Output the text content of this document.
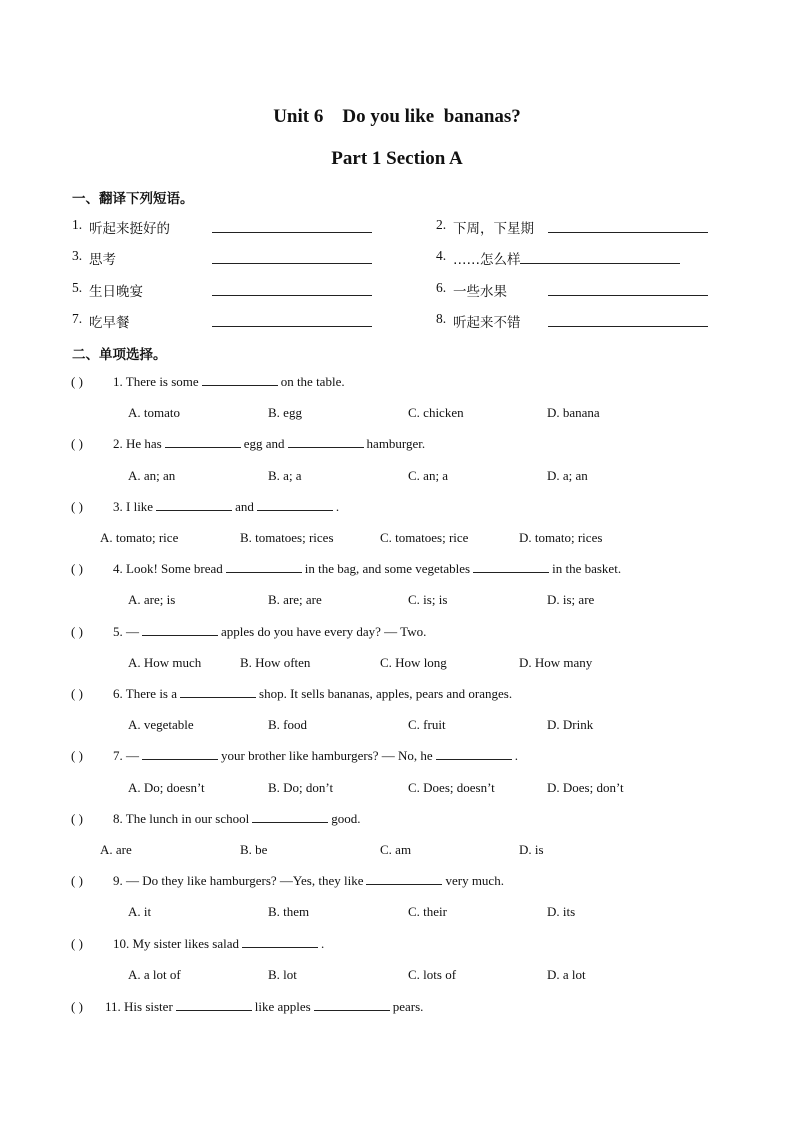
Unit 6    Do you like  bananas?
Part 1 Section A
一、翻译下列短语。
1. 听起来挺好的	2. 下周，下星期
3. 思考	4. ……怎么样
5. 生日晚宴	6. 一些水果
7. 吃早餐	8. 听起来不错
二、单项选择。
( ) 1. There is some	on the table.
A. tomato	B. egg	C. chicken	D. banana
( ) 2. He has	egg and	hamburger.
A. an; an	B. a; a	C. an; a	D. a; an
( ) 3. I like	and	.
A. tomato; rice	B. tomatoes; rices	C. tomatoes; rice	D. tomato; rices
( ) 4. Look! Some bread	in the bag, and some vegetables	in the basket.
A. are; is	B. are; are	C. is; is	D. is; are
( ) 5. —	apples do you have every day? — Two.
A. How much	B. How often	C. How long	D. How many
( ) 6. There is a	shop. It sells bananas, apples, pears and oranges.
A. vegetable	B. food	C. fruit	D. Drink
( ) 7. —	your brother like hamburgers? — No, he	.
A. Do; doesn’t	B. Do; don’t	C. Does; doesn’t	D. Does; don’t
( ) 8. The lunch in our school	good.
A. are	B. be	C. am	D. is
( ) 9. — Do they like hamburgers? —Yes, they like	very much.
A. it	B. them	C. their	D. its
( ) 10. My sister likes salad	.
A. a lot of	B. lot	C. lots of	D. a lot
( ) 11. His sister	like apples	pears.
